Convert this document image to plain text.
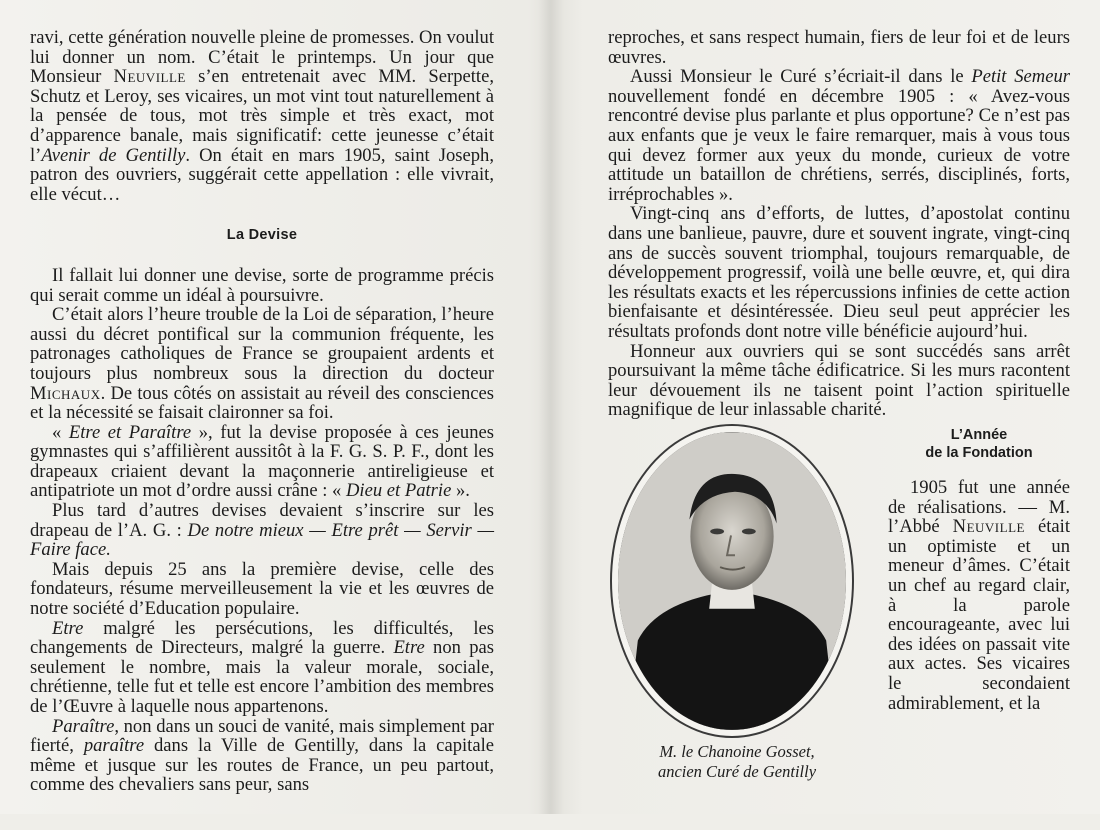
ravi, cette génération nouvelle pleine de promesses. On voulut lui donner un nom. C’était le printemps. Un jour que Monsieur Neuville s’en entretenait avec MM. Serpette, Schutz et Leroy, ses vicaires, un mot vint tout naturellement à la pensée de tous, mot très simple et très exact, mot d’apparence banale, mais significatif: cette jeunesse c’était l’Avenir de Gentilly. On était en mars 1905, saint Joseph, patron des ouvriers, suggérait cette appellation : elle vivrait, elle vécut…

La Devise

Il fallait lui donner une devise, sorte de programme précis qui serait comme un idéal à poursuivre.

C’était alors l’heure trouble de la Loi de séparation, l’heure aussi du décret pontifical sur la communion fréquente, les patronages catholiques de France se groupaient ardents et toujours plus nombreux sous la direction du docteur Michaux. De tous côtés on assistait au réveil des consciences et la nécessité se faisait claironner sa foi.

« Etre et Paraître », fut la devise proposée à ces jeunes gymnastes qui s’affilièrent aussitôt à la F. G. S. P. F., dont les drapeaux criaient devant la maçonnerie antireligieuse et antipatriote un mot d’ordre aussi crâne : « Dieu et Patrie ».

Plus tard d’autres devises devaient s’inscrire sur les drapeau de l’A. G. : De notre mieux — Etre prêt — Servir — Faire face.

Mais depuis 25 ans la première devise, celle des fondateurs, résume merveilleusement la vie et les œuvres de notre société d’Education populaire.

Etre malgré les persécutions, les difficultés, les changements de Directeurs, malgré la guerre. Etre non pas seulement le nombre, mais la valeur morale, sociale, chrétienne, telle fut et telle est encore l’ambition des membres de l’Œuvre à laquelle nous appartenons.

Paraître, non dans un souci de vanité, mais simplement par fierté, paraître dans la Ville de Gentilly, dans la capitale même et jusque sur les routes de France, un peu partout, comme des chevaliers sans peur, sans

reproches, et sans respect humain, fiers de leur foi et de leurs œuvres.

Aussi Monsieur le Curé s’écriait-il dans le Petit Semeur nouvellement fondé en décembre 1905 : « Avez-vous rencontré devise plus parlante et plus opportune? Ce n’est pas aux enfants que je veux le faire remarquer, mais à vous tous qui devez former aux yeux du monde, curieux de votre attitude un bataillon de chrétiens, serrés, disciplinés, forts, irréprochables ».

Vingt-cinq ans d’efforts, de luttes, d’apostolat continu dans une banlieue, pauvre, dure et souvent ingrate, vingt-cinq ans de succès souvent triomphal, toujours remarquable, de développement progressif, voilà une belle œuvre, et, qui dira les résultats exacts et les répercussions infinies de cette action bienfaisante et désintéressée. Dieu seul peut apprécier les résultats profonds dont notre ville bénéficie aujourd’hui.

Honneur aux ouvriers qui se sont succédés sans arrêt poursuivant la même tâche édificatrice. Si les murs racontent leur dévouement ils ne taisent point l’action spirituelle magnifique de leur inlassable charité.

M. le Chanoine Gosset,
ancien Curé de Gentilly
L’Année
de la Fondation

1905 fut une année de réalisations. — M. l’Abbé Neuville était un optimiste et un meneur d’âmes. C’était un chef au regard clair, à la parole encourageante, avec lui des idées on passait vite aux actes. Ses vicaires le secondaient admirablement, et la
